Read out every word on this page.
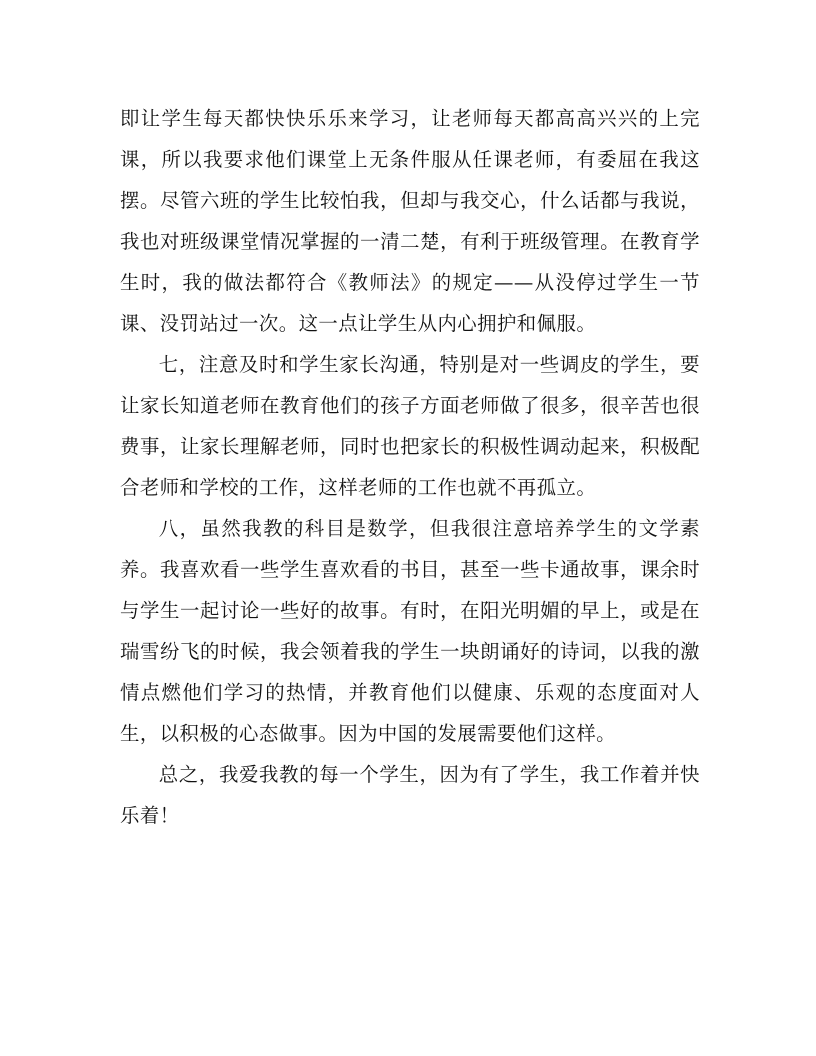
即让学生每天都快快乐乐来学习，让老师每天都高高兴兴的上完课，所以我要求他们课堂上无条件服从任课老师，有委屈在我这摆。尽管六班的学生比较怕我，但却与我交心，什么话都与我说，我也对班级课堂情况掌握的一清二楚，有利于班级管理。在教育学生时，我的做法都符合《教师法》的规定——从没停过学生一节课、没罚站过一次。这一点让学生从内心拥护和佩服。

七，注意及时和学生家长沟通，特别是对一些调皮的学生，要让家长知道老师在教育他们的孩子方面老师做了很多，很辛苦也很费事，让家长理解老师，同时也把家长的积极性调动起来，积极配合老师和学校的工作，这样老师的工作也就不再孤立。

八，虽然我教的科目是数学，但我很注意培养学生的文学素养。我喜欢看一些学生喜欢看的书目，甚至一些卡通故事，课余时与学生一起讨论一些好的故事。有时，在阳光明媚的早上，或是在瑞雪纷飞的时候，我会领着我的学生一块朗诵好的诗词，以我的激情点燃他们学习的热情，并教育他们以健康、乐观的态度面对人生，以积极的心态做事。因为中国的发展需要他们这样。

总之，我爱我教的每一个学生，因为有了学生，我工作着并快乐着！
